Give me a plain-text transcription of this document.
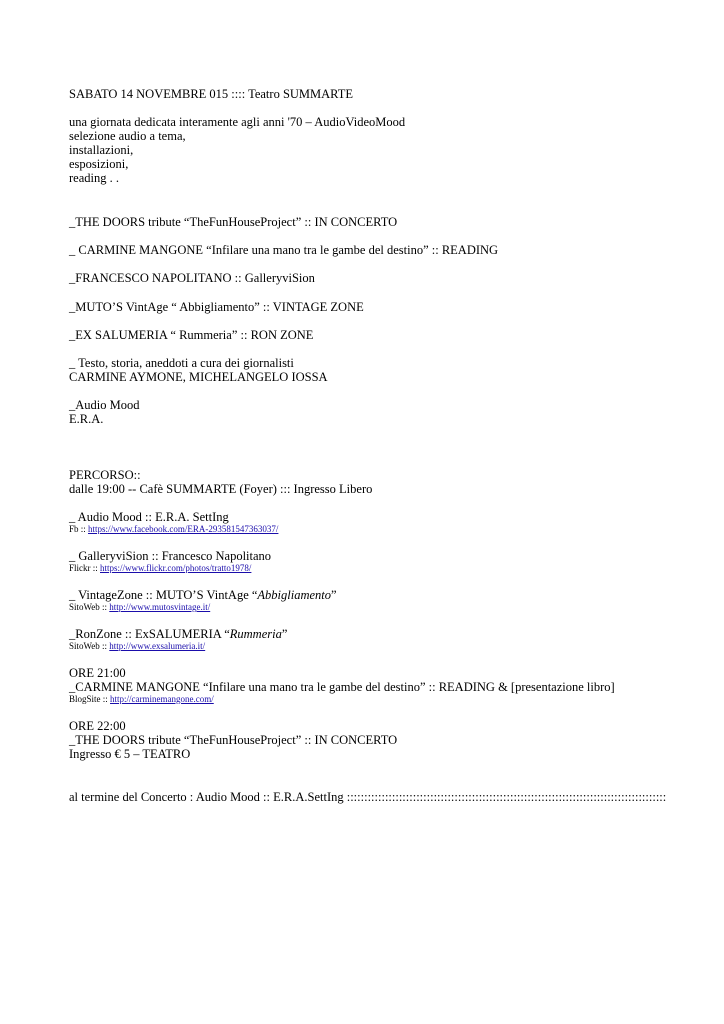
SABATO 14 NOVEMBRE 015 :::: Teatro SUMMARTE
una giornata dedicata interamente agli anni '70 – AudioVideoMood
selezione audio a tema,
installazioni,
esposizioni,
reading . .
_THE DOORS tribute “TheFunHouseProject” :: IN CONCERTO
_ CARMINE MANGONE “Infilare una mano tra le gambe del destino” :: READING
_FRANCESCO NAPOLITANO :: GalleryviSion
_MUTO’S VintAge “ Abbigliamento” :: VINTAGE ZONE
_EX SALUMERIA “ Rummeria” :: RON ZONE
_ Testo, storia, aneddoti a cura dei giornalisti
CARMINE AYMONE, MICHELANGELO IOSSA
_Audio Mood
E.R.A.
PERCORSO::
dalle 19:00 -- Cafè SUMMARTE (Foyer) ::: Ingresso Libero
_ Audio Mood :: E.R.A. SettIng
Fb :: https://www.facebook.com/ERA-293581547363037/
_ GalleryviSion :: Francesco Napolitano
Flickr :: https://www.flickr.com/photos/tratto1978/
_ VintageZone :: MUTO’S VintAge “Abbigliamento”
SitoWeb :: http://www.mutosvintage.it/
_RonZone :: ExSALUMERIA “Rummeria”
SitoWeb :: http://www.exsalumeria.it/
ORE 21:00
_CARMINE MANGONE “Infilare una mano tra le gambe del destino” :: READING & [presentazione libro]
BlogSite :: http://carminemangone.com/
ORE 22:00
_THE DOORS tribute “TheFunHouseProject” :: IN CONCERTO
Ingresso € 5 – TEATRO
al termine del Concerto : Audio Mood :: E.R.A.SettIng ::::::::::::::::::::::::::::::::::::::::::::::::::::::::::::::::::::::::::::::::::::::::::::
